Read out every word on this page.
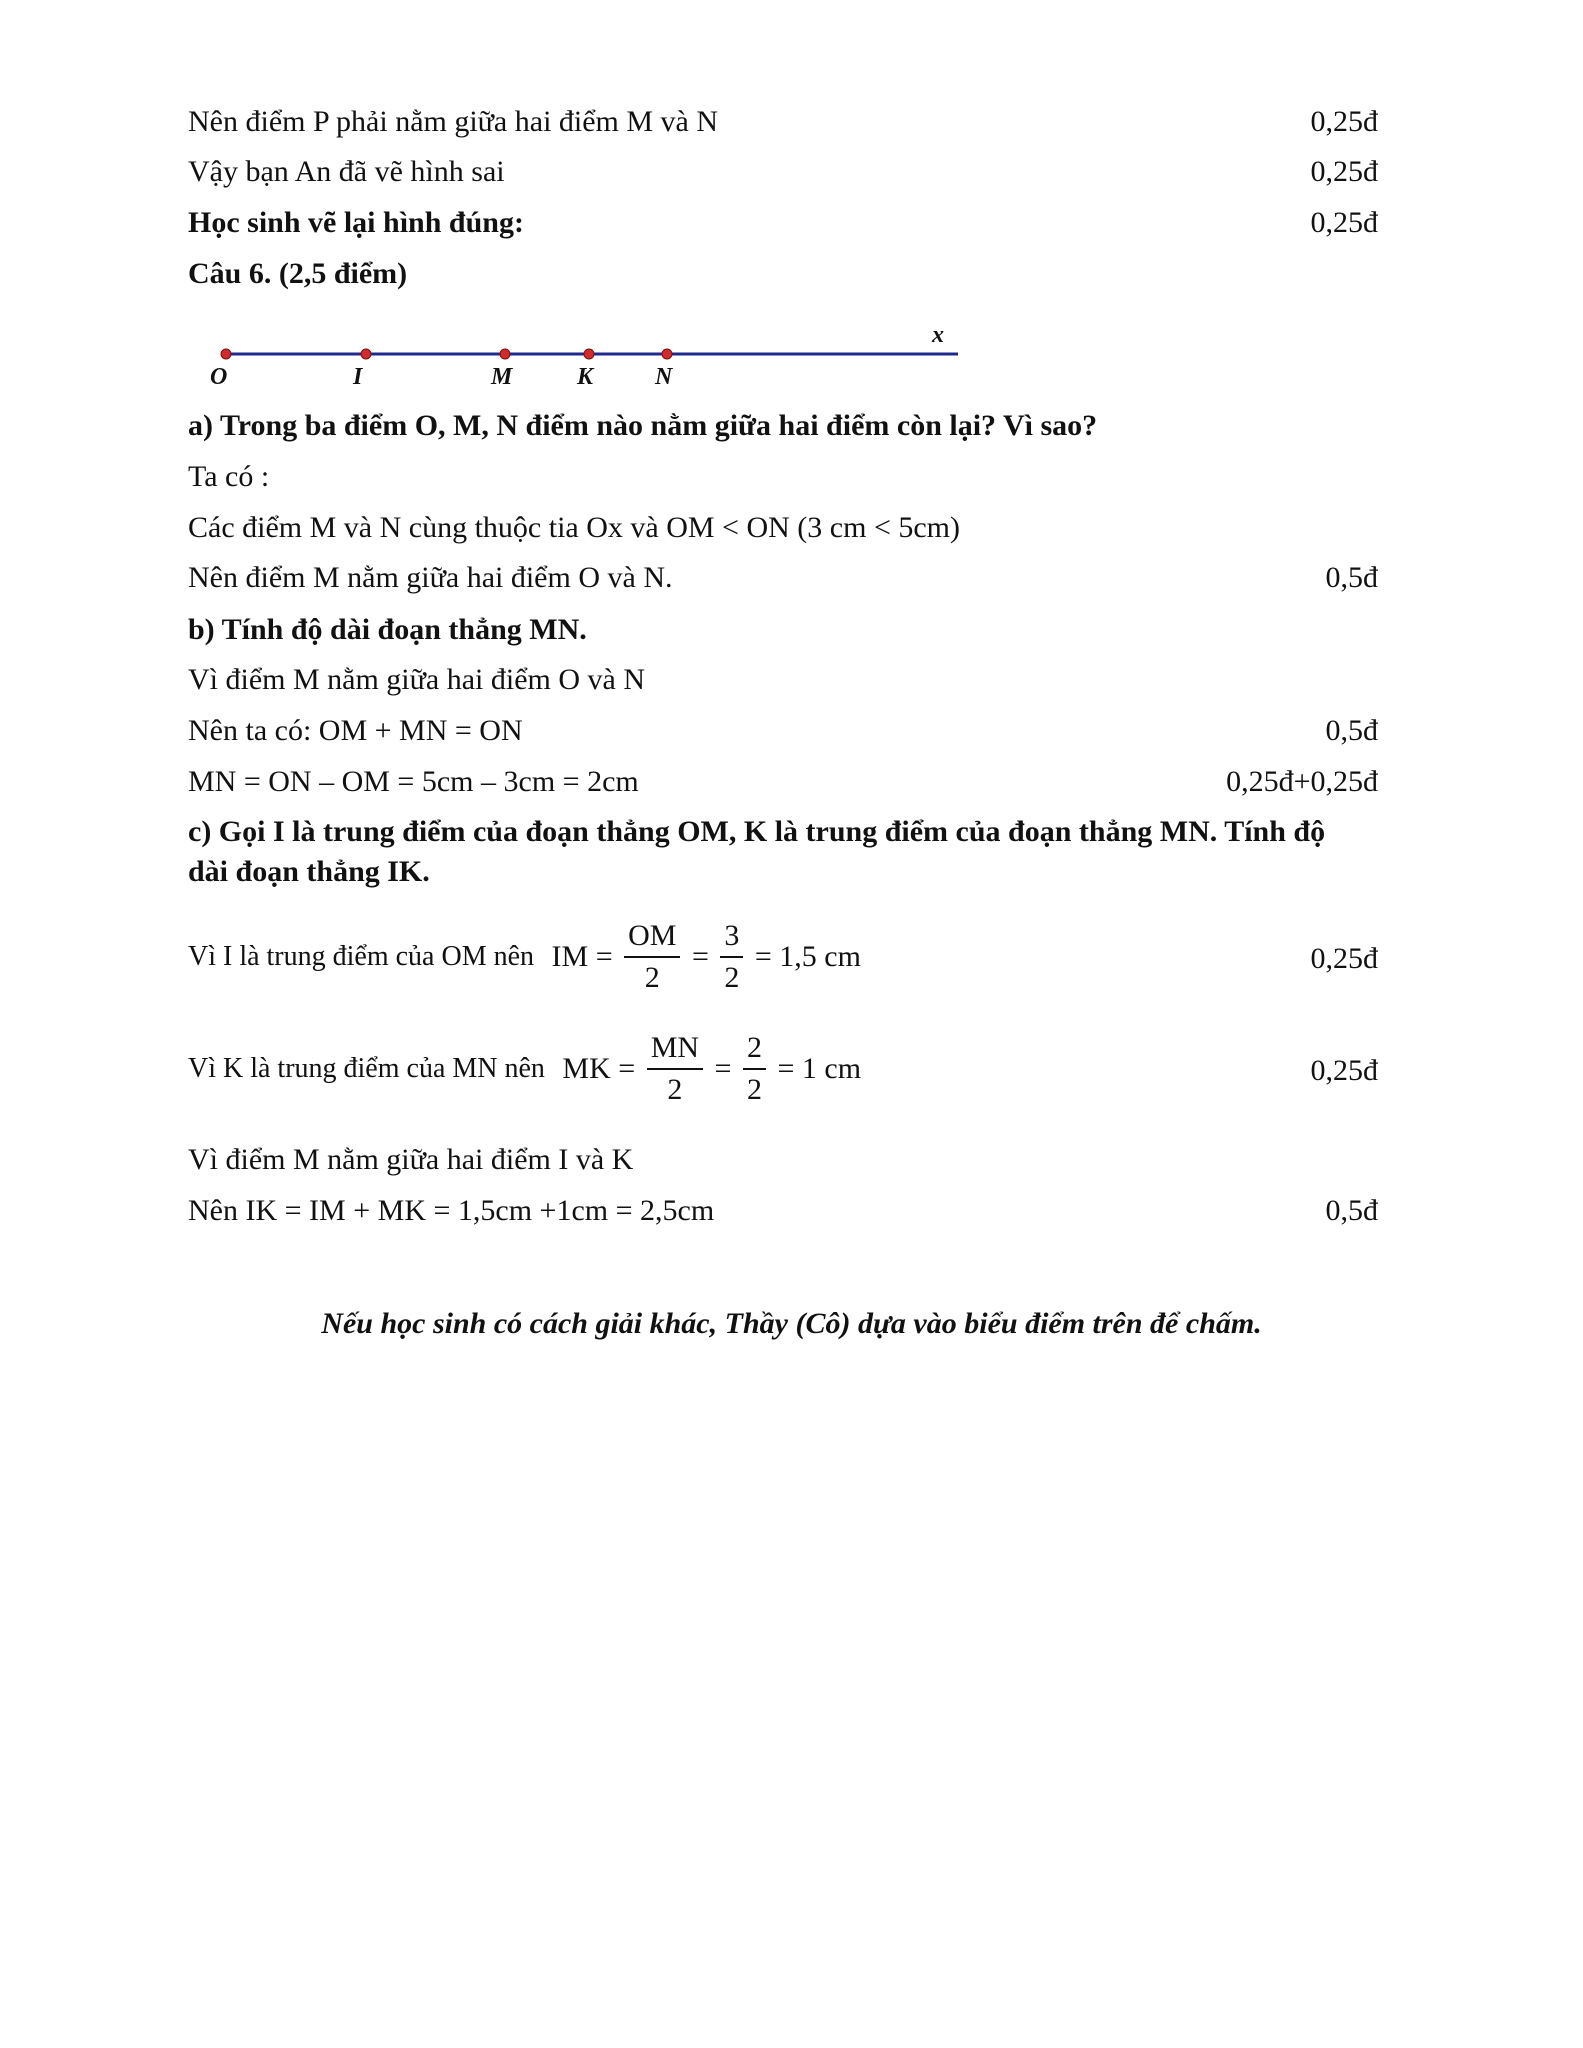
Nên điểm P phải nằm giữa hai điểm M và N	0,25đ
Vậy bạn An đã vẽ hình sai	0,25đ
Học sinh vẽ lại hình đúng:	0,25đ
Câu 6. (2,5 điểm)
O	I	M	K	N
x
a) Trong ba điểm O, M, N điểm nào nằm giữa hai điểm còn lại? Vì sao?
Ta có :
Các điểm M và N cùng thuộc tia Ox và OM < ON (3 cm < 5cm)
Nên điểm M nằm giữa hai điểm O và N.	0,5đ
b) Tính độ dài đoạn thẳng MN.
Vì điểm M nằm giữa hai điểm O và N
Nên ta có: OM + MN = ON	0,5đ
MN = ON – OM = 5cm – 3cm = 2cm	0,25đ+0,25đ
c) Gọi I là trung điểm của đoạn thẳng OM, K là trung điểm của đoạn thẳng MN. Tính độ dài đoạn thẳng IK.
Vì I là trung điểm của OM nên IM = $\frac{OM}{2} = \frac{3}{2} = 1,5$ cm	0,25đ
Vì K là trung điểm của MN nên MK = $\frac{MN}{2} = \frac{2}{2} = 1$ cm	0,25đ
Vì điểm M nằm giữa hai điểm I và K
Nên IK = IM + MK = 1,5cm +1cm = 2,5cm	0,5đ
Nếu học sinh có cách giải khác, Thầy (Cô) dựa vào biểu điểm trên để chấm.
